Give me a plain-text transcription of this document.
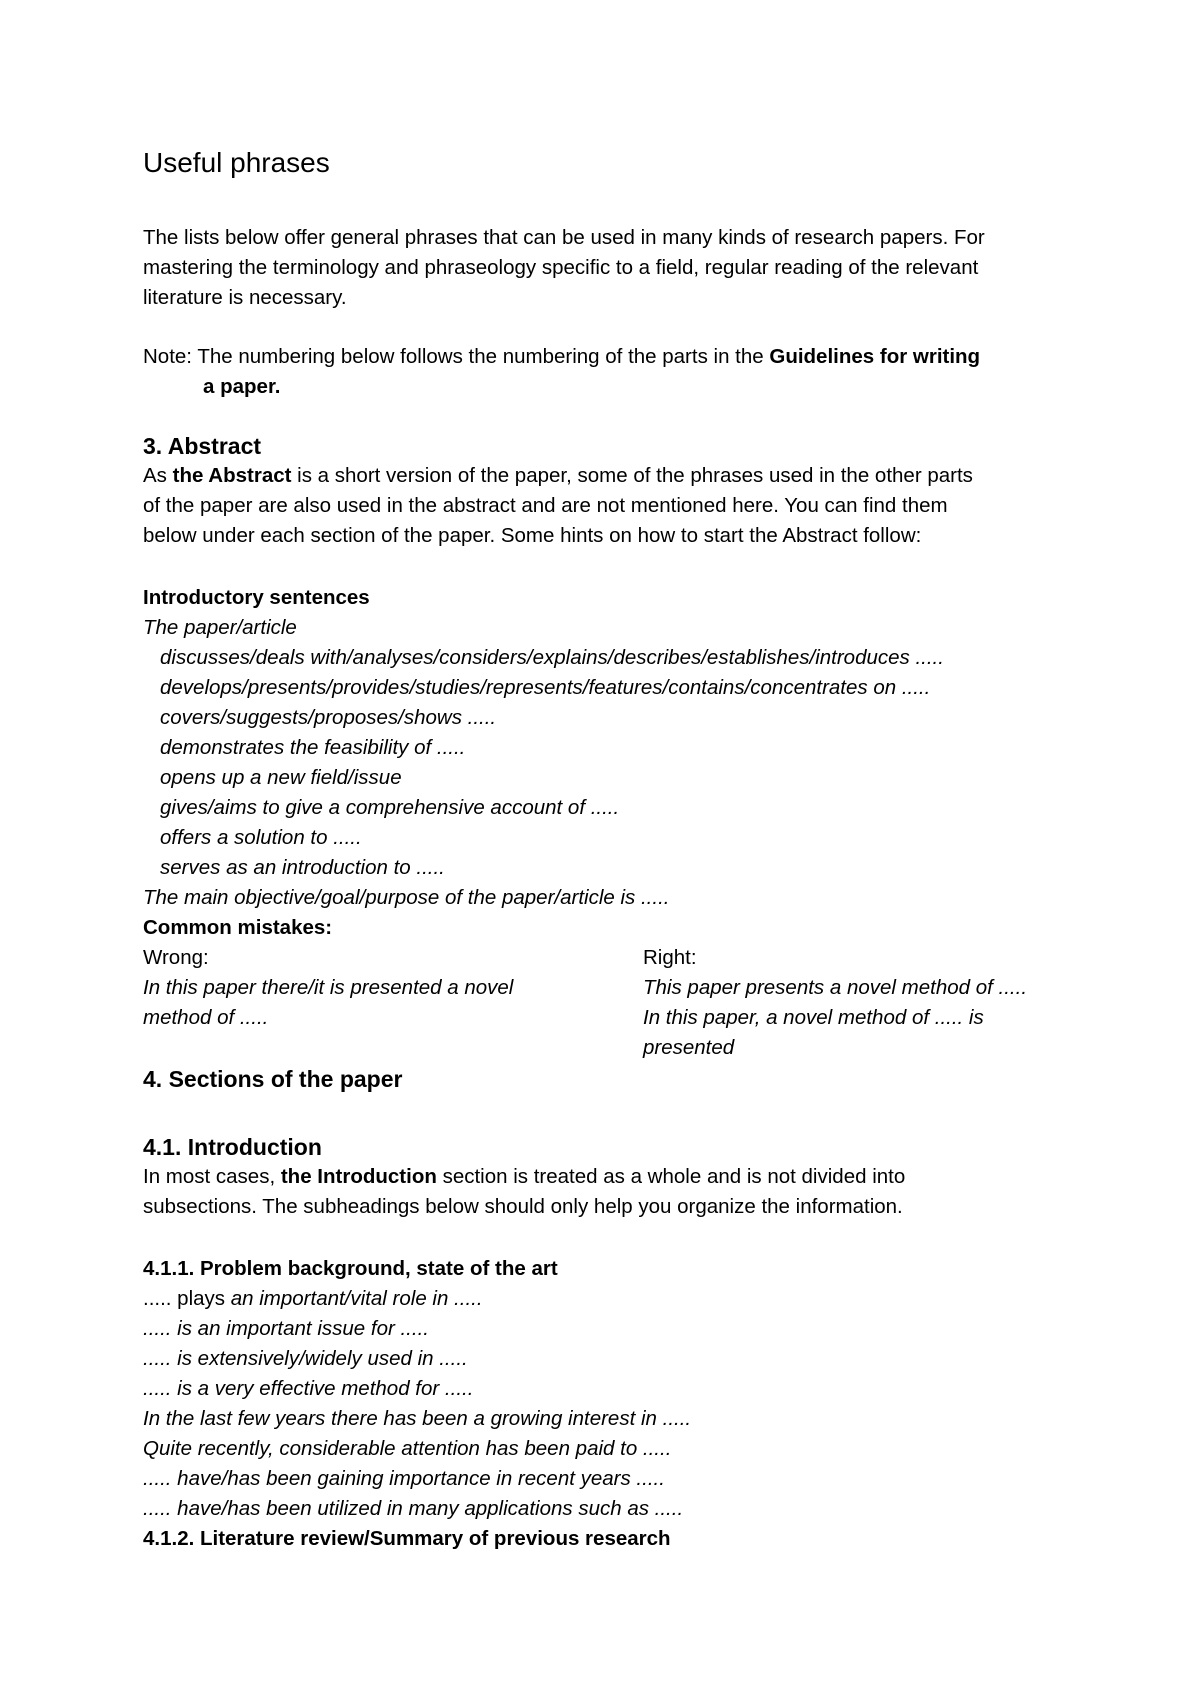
Useful phrases

The lists below offer general phrases that can be used in many kinds of research papers. For

mastering the terminology and phraseology specific to a field, regular reading of the relevant

literature is necessary.

Note: The numbering below follows the numbering of the parts in the Guidelines for writing

a paper.

3. Abstract

As the Abstract is a short version of the paper, some of the phrases used in the other parts

of the paper are also used in the abstract and are not mentioned here. You can find them

below under each section of the paper. Some hints on how to start the Abstract follow:

Introductory sentences

The paper/article

discusses/deals with/analyses/considers/explains/describes/establishes/introduces .....

develops/presents/provides/studies/represents/features/contains/concentrates on .....

covers/suggests/proposes/shows .....

demonstrates the feasibility of .....

opens up a new field/issue

gives/aims to give a comprehensive account of .....

offers a solution to .....

serves as an introduction to .....

The main objective/goal/purpose of the paper/article is .....

Common mistakes:

Wrong:

In this paper there/it is presented a novel

method of .....

Right:

This paper presents a novel method of .....

In this paper, a novel method of ..... is

presented

4. Sections of the paper
4.1. Introduction

In most cases, the Introduction section is treated as a whole and is not divided into

subsections. The subheadings below should only help you organize the information.

4.1.1. Problem background, state of the art

..... plays an important/vital role in .....

..... is an important issue for .....

..... is extensively/widely used in .....

..... is a very effective method for .....

In the last few years there has been a growing interest in .....

Quite recently, considerable attention has been paid to .....

..... have/has been gaining importance in recent years .....

..... have/has been utilized in many applications such as .....

4.1.2. Literature review/Summary of previous research
